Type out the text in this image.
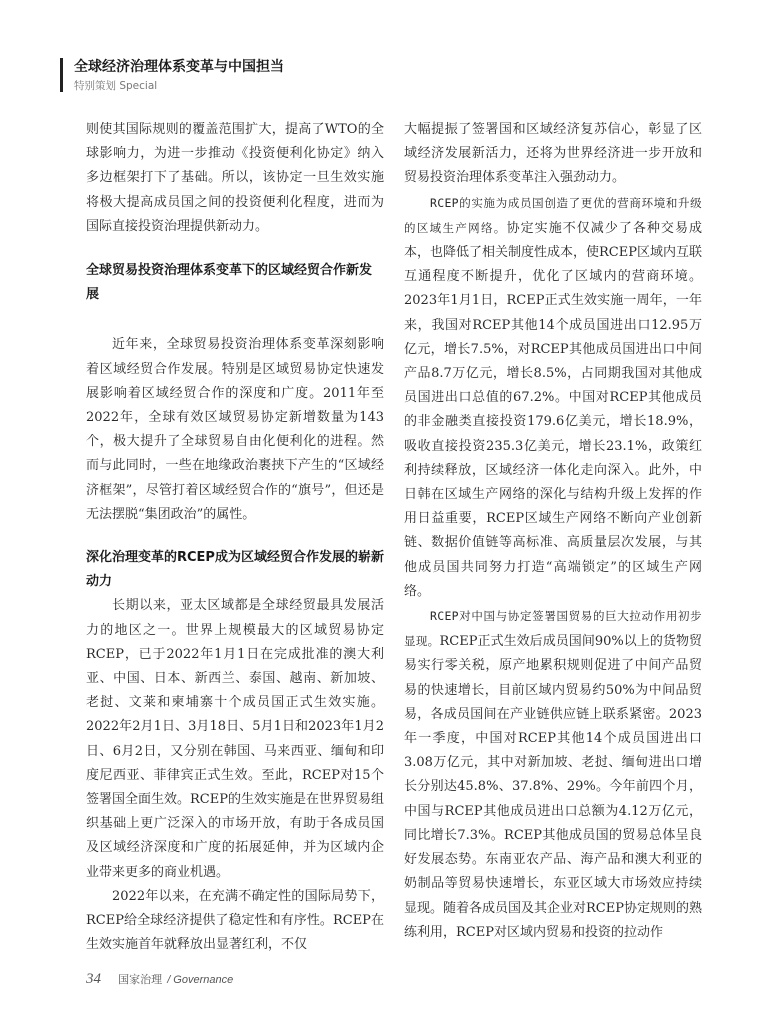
全球经济治理体系变革与中国担当
特别策划 Special

则使其国际规则的覆盖范围扩大，提高了WTO的全球影响力，为进一步推动《投资便利化协定》纳入多边框架打下了基础。所以，该协定一旦生效实施将极大提高成员国之间的投资便利化程度，进而为国际直接投资治理提供新动力。

全球贸易投资治理体系变革下的区域经贸合作新发展

近年来，全球贸易投资治理体系变革深刻影响着区域经贸合作发展。特别是区域贸易协定快速发展影响着区域经贸合作的深度和广度。2011年至2022年，全球有效区域贸易协定新增数量为143个，极大提升了全球贸易自由化便利化的进程。然而与此同时，一些在地缘政治裹挟下产生的“区域经济框架”，尽管打着区域经贸合作的“旗号”，但还是无法摆脱“集团政治”的属性。

深化治理变革的RCEP成为区域经贸合作发展的崭新动力

长期以来，亚太区域都是全球经贸最具发展活力的地区之一。世界上规模最大的区域贸易协定RCEP，已于2022年1月1日在完成批准的澳大利亚、中国、日本、新西兰、泰国、越南、新加坡、老挝、文莱和柬埔寨十个成员国正式生效实施。2022年2月1日、3月18日、5月1日和2023年1月2日、6月2日，又分别在韩国、马来西亚、缅甸和印度尼西亚、菲律宾正式生效。至此，RCEP对15个签署国全面生效。RCEP的生效实施是在世界贸易组织基础上更广泛深入的市场开放，有助于各成员国及区域经济深度和广度的拓展延伸，并为区域内企业带来更多的商业机遇。

2022年以来，在充满不确定性的国际局势下，RCEP给全球经济提供了稳定性和有序性。RCEP在生效实施首年就释放出显著红利，不仅

大幅提振了签署国和区域经济复苏信心，彰显了区域经济发展新活力，还将为世界经济进一步开放和贸易投资治理体系变革注入强劲动力。

RCEP的实施为成员国创造了更优的营商环境和升级的区域生产网络。协定实施不仅减少了各种交易成本，也降低了相关制度性成本，使RCEP区域内互联互通程度不断提升，优化了区域内的营商环境。2023年1月1日，RCEP正式生效实施一周年，一年来，我国对RCEP其他14个成员国进出口12.95万亿元，增长7.5%，对RCEP其他成员国进出口中间产品8.7万亿元，增长8.5%，占同期我国对其他成员国进出口总值的67.2%。中国对RCEP其他成员的非金融类直接投资179.6亿美元，增长18.9%，吸收直接投资235.3亿美元，增长23.1%，政策红利持续释放，区域经济一体化走向深入。此外，中日韩在区域生产网络的深化与结构升级上发挥的作用日益重要，RCEP区域生产网络不断向产业创新链、数据价值链等高标准、高质量层次发展，与其他成员国共同努力打造“高端锁定”的区域生产网络。

RCEP对中国与协定签署国贸易的巨大拉动作用初步显现。RCEP正式生效后成员国间90%以上的货物贸易实行零关税，原产地累积规则促进了中间产品贸易的快速增长，目前区域内贸易约50%为中间品贸易，各成员国间在产业链供应链上联系紧密。2023年一季度，中国对RCEP其他14个成员国进出口3.08万亿元，其中对新加坡、老挝、缅甸进出口增长分别达45.8%、37.8%、29%。今年前四个月，中国与RCEP其他成员进出口总额为4.12万亿元，同比增长7.3%。RCEP其他成员国的贸易总体呈良好发展态势。东南亚农产品、海产品和澳大利亚的奶制品等贸易快速增长，东亚区域大市场效应持续显现。随着各成员国及其企业对RCEP协定规则的熟练利用，RCEP对区域内贸易和投资的拉动作

34 国家治理 / Governance
